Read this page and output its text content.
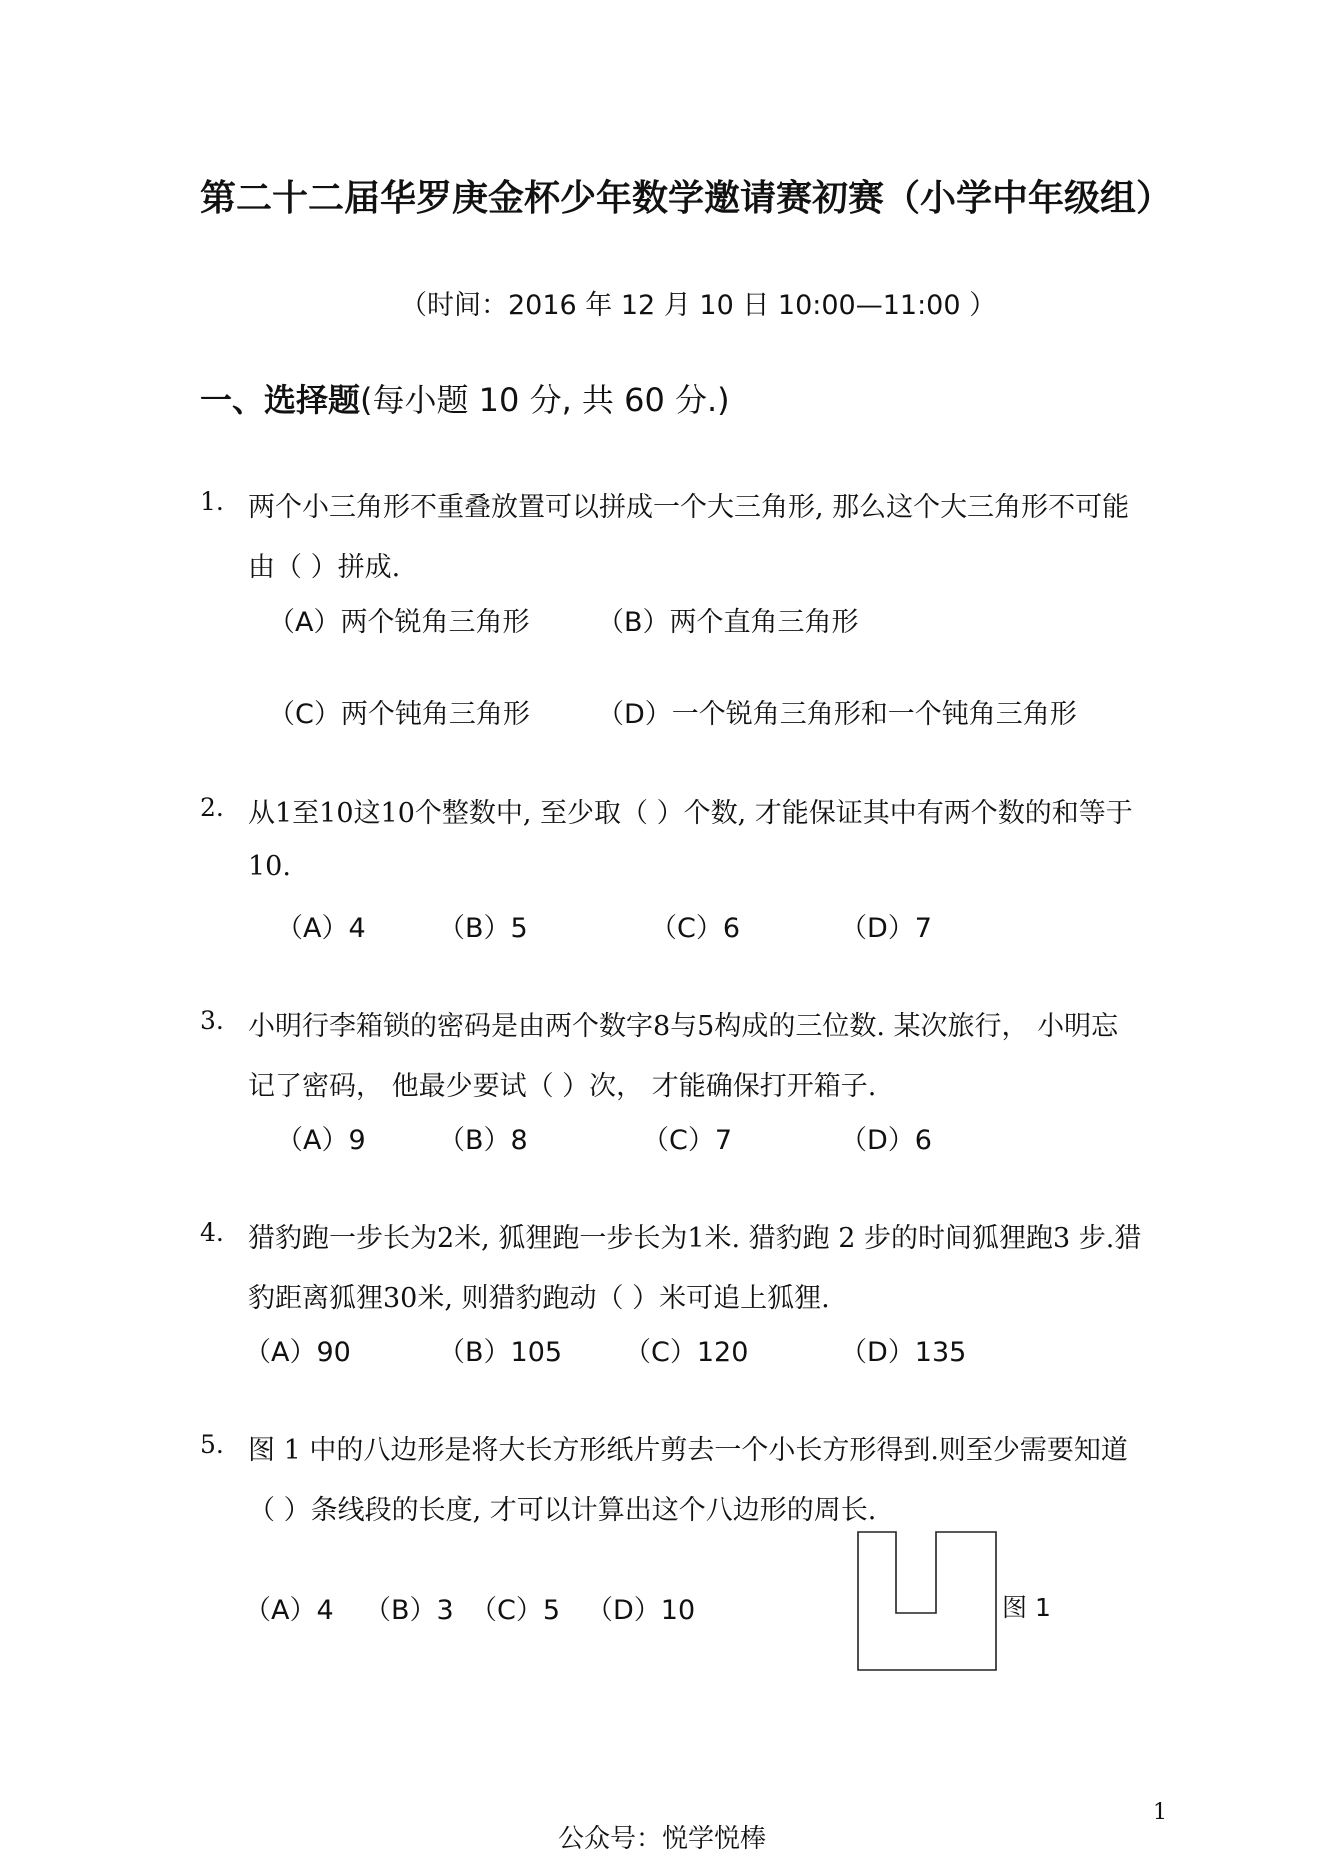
第二十二届华罗庚金杯少年数学邀请赛初赛（小学中年级组）
（时间：2016 年 12 月 10 日 10:00—11:00 ）
一、选择题(每小题 10 分, 共 60 分.)
1. 两个小三角形不重叠放置可以拼成一个大三角形, 那么这个大三角形不可能
由（ ）拼成.
（A）两个锐角三角形	（B）两个直角三角形
（C）两个钝角三角形 （D）一个锐角三角形和一个钝角三角形
2. 从1至10这10个整数中, 至少取（ ）个数, 才能保证其中有两个数的和等于
10.
（A）4	（B）5	（C）6	（D）7
3. 小明行李箱锁的密码是由两个数字8与5构成的三位数. 某次旅行， 小明忘
记了密码， 他最少要试（ ）次， 才能确保打开箱子.
（A）9	（B）8	（C）7	（D）6
4. 猎豹跑一步长为2米, 狐狸跑一步长为1米. 猎豹跑 2 步的时间狐狸跑3 步.猎
豹距离狐狸30米, 则猎豹跑动（ ）米可追上狐狸.
（A）90	（B）105 （C）120	（D）135
5. 图 1 中的八边形是将大长方形纸片剪去一个小长方形得到.则至少需要知道
（ ）条线段的长度, 才可以计算出这个八边形的周长.
（A）4 （B）3 （C）5 （D）10	图 1
1
公众号：悦学悦棒
